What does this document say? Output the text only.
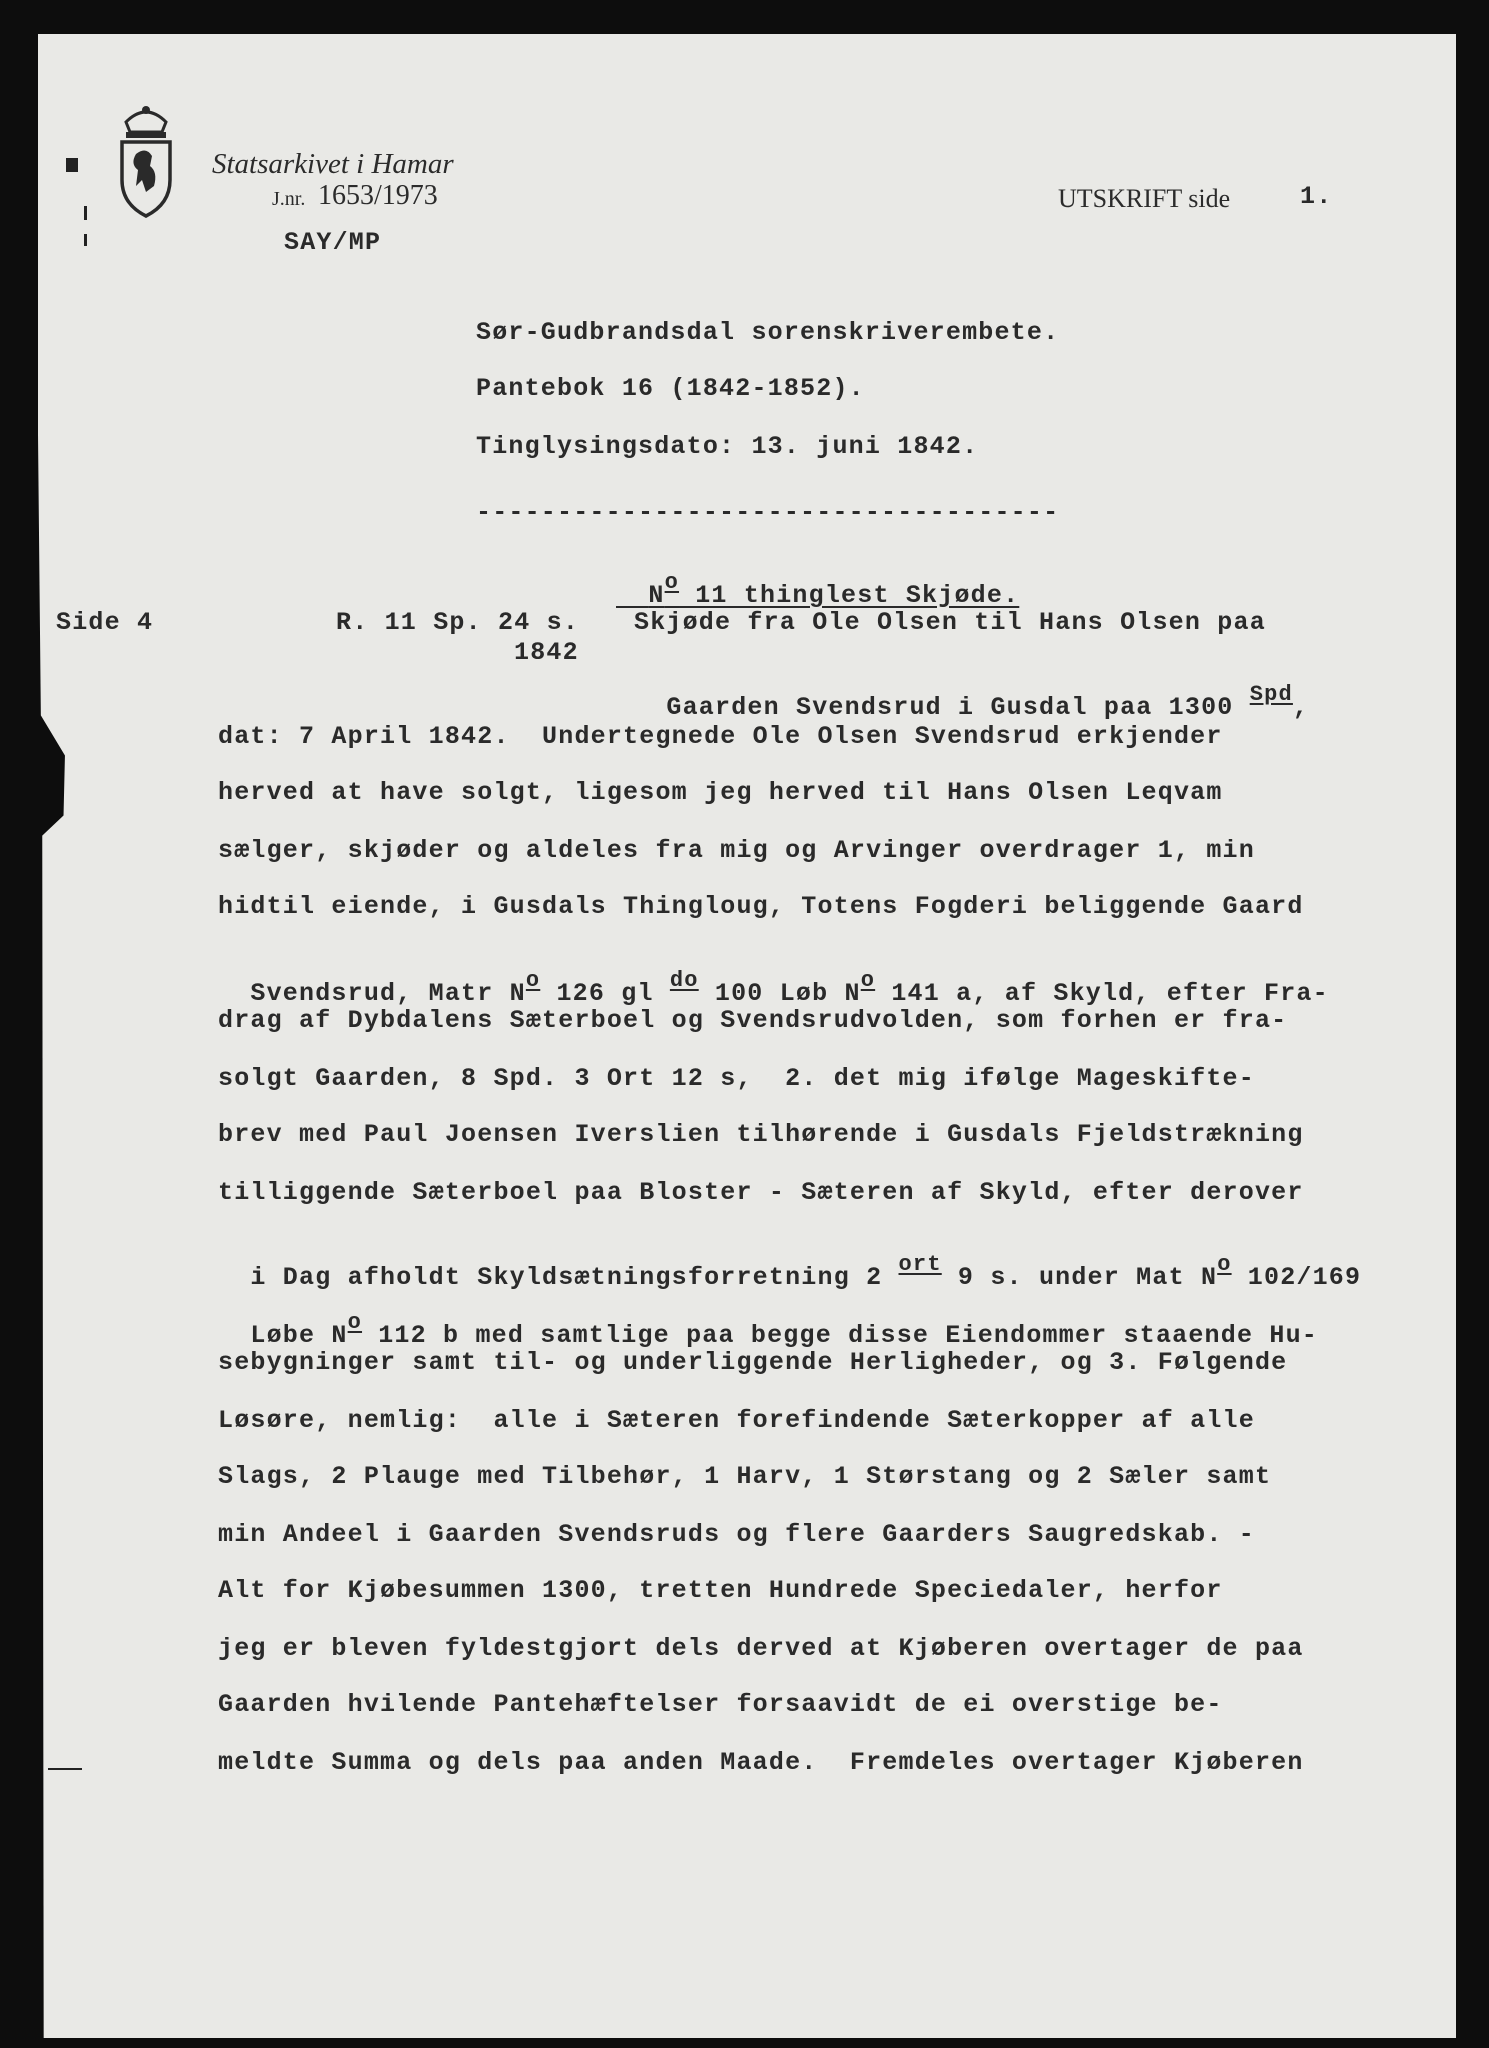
Statsarkivet i Hamar
J.nr. 1653/1973
SAY/MP
UTSKRIFT side	1.
Sør-Gudbrandsdal sorenskriverembete.
Pantebok 16 (1842-1852).
Tinglysingsdato: 13. juni 1842.
------------------------------------

No 11 thinglest Skjøde.

Side 4	R. 11 Sp. 24 s.
1842
Skjøde fra Ole Olsen til Hans Olsen paa

Gaarden Svendsrud i Gusdal paa 1300 Spd,

dat: 7 April 1842.  Undertegnede Ole Olsen Svendsrud erkjender
herved at have solgt, ligesom jeg herved til Hans Olsen Leqvam
sælger, skjøder og aldeles fra mig og Arvinger overdrager 1, min
hidtil eiende, i Gusdals Thingloug, Totens Fogderi beliggende Gaard

Svendsrud, Matr No 126 gl do 100 Løb No 141 a, af Skyld, efter Fra-

drag af Dybdalens Sæterboel og Svendsrudvolden, som forhen er fra-
solgt Gaarden, 8 Spd. 3 Ort 12 s,  2. det mig ifølge Mageskifte-
brev med Paul Joensen Iverslien tilhørende i Gusdals Fjeldstrækning
tilliggende Sæterboel paa Bloster - Sæteren af Skyld, efter derover

i Dag afholdt Skyldsætningsforretning 2 ort 9 s. under Mat No 102/169

Løbe No 112 b med samtlige paa begge disse Eiendommer staaende Hu-

sebygninger samt til- og underliggende Herligheder, og 3. Følgende
Løsøre, nemlig:  alle i Sæteren forefindende Sæterkopper af alle
Slags, 2 Plauge med Tilbehør, 1 Harv, 1 Størstang og 2 Sæler samt
min Andeel i Gaarden Svendsruds og flere Gaarders Saugredskab. -
Alt for Kjøbesummen 1300, tretten Hundrede Speciedaler, herfor
jeg er bleven fyldestgjort dels derved at Kjøberen overtager de paa
Gaarden hvilende Pantehæftelser forsaavidt de ei overstige be-
meldte Summa og dels paa anden Maade.  Fremdeles overtager Kjøberen
